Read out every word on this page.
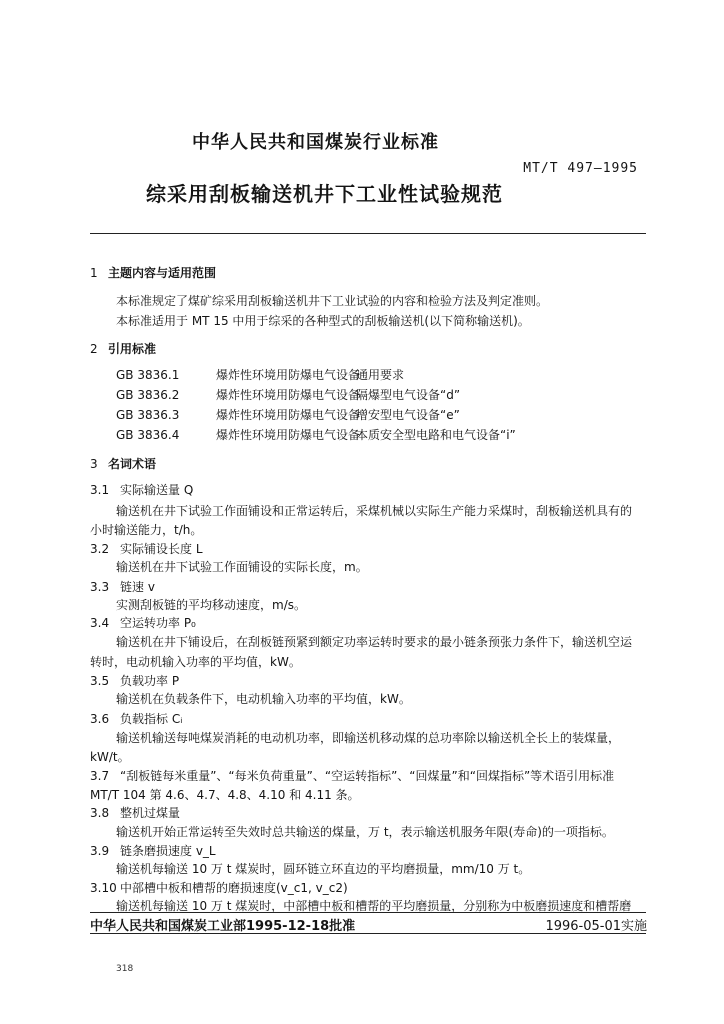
中华人民共和国煤炭行业标准
MT/T 497—1995
综采用刮板输送机井下工业性试验规范
1 主题内容与适用范围
本标准规定了煤矿综采用刮板输送机井下工业试验的内容和检验方法及判定准则。
本标准适用于 MT 15 中用于综采的各种型式的刮板输送机(以下简称输送机)。
2 引用标准
GB 3836.1	爆炸性环境用防爆电气设备通用要求
GB 3836.2	爆炸性环境用防爆电气设备隔爆型电气设备“d”
GB 3836.3	爆炸性环境用防爆电气设备增安型电气设备“e”
GB 3836.4	爆炸性环境用防爆电气设备本质安全型电路和电气设备“i”
3 名词术语
3.1 实际输送量 Q
输送机在井下试验工作面铺设和正常运转后，采煤机械以实际生产能力采煤时，刮板输送机具有的
小时输送能力，t/h。
3.2 实际铺设长度 L
输送机在井下试验工作面铺设的实际长度，m。
3.3 链速 v
实测刮板链的平均移动速度，m/s。
3.4 空运转功率 P₀
输送机在井下铺设后，在刮板链预紧到额定功率运转时要求的最小链条预张力条件下，输送机空运
转时，电动机输入功率的平均值，kW。
3.5 负载功率 P
输送机在负载条件下，电动机输入功率的平均值，kW。
3.6 负载指标 Cᵢ
输送机输送每吨煤炭消耗的电动机功率，即输送机移动煤的总功率除以输送机全长上的装煤量，
kW/t。
3.7 “刮板链每米重量”、“每米负荷重量”、“空运转指标”、“回煤量”和“回煤指标”等术语引用标准
MT/T 104 第 4.6、4.7、4.8、4.10 和 4.11 条。
3.8 整机过煤量
输送机开始正常运转至失效时总共输送的煤量，万 t，表示输送机服务年限(寿命)的一项指标。
3.9 链条磨损速度 v_L
输送机每输送 10 万 t 煤炭时，圆环链立环直边的平均磨损量，mm/10 万 t。
3.10 中部槽中板和槽帮的磨损速度(v_c1, v_c2)
输送机每输送 10 万 t 煤炭时，中部槽中板和槽帮的平均磨损量，分别称为中板磨损速度和槽帮磨
中华人民共和国煤炭工业部1995-12-18批准	1996-05-01实施
318
